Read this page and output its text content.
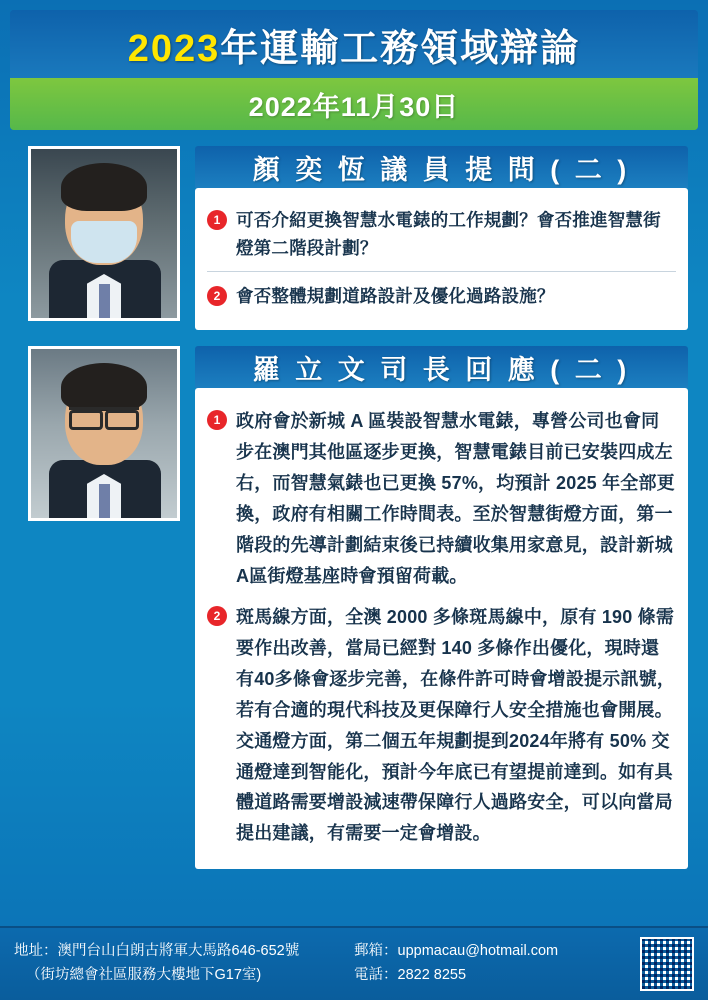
2023年運輸工務領域辯論
2022年11月30日
顏 奕 恆 議 員 提 問 ( 二 )
1 可否介紹更換智慧水電錶的工作規劃？會否推進智慧街燈第二階段計劃？
2 會否整體規劃道路設計及優化過路設施？
羅 立 文 司 長 回 應 ( 二 )
1 政府會於新城 A 區裝設智慧水電錶，專營公司也會同步在澳門其他區逐步更換，智慧電錶目前已安裝四成左右，而智慧氣錶也已更換 57%，均預計 2025 年全部更換，政府有相關工作時間表。至於智慧街燈方面，第一階段的先導計劃結束後已持續收集用家意見，設計新城A區街燈基座時會預留荷載。
2 斑馬線方面，全澳 2000 多條斑馬線中，原有 190 條需要作出改善，當局已經對 140 多條作出優化，現時還有40多條會逐步完善，在條件許可時會增設提示訊號， 若有合適的現代科技及更保障行人安全措施也會開展。交通燈方面，第二個五年規劃提到2024年將有 50% 交通燈達到智能化，預計今年底已有望提前達到。如有具體道路需要增設減速帶保障行人過路安全，可以向當局提出建議，有需要一定會增設。
地址：澳門台山白朗古將軍大馬路646-652號
（街坊總會社區服務大樓地下G17室)
郵箱：uppmacau@hotmail.com
電話：2822 8255
